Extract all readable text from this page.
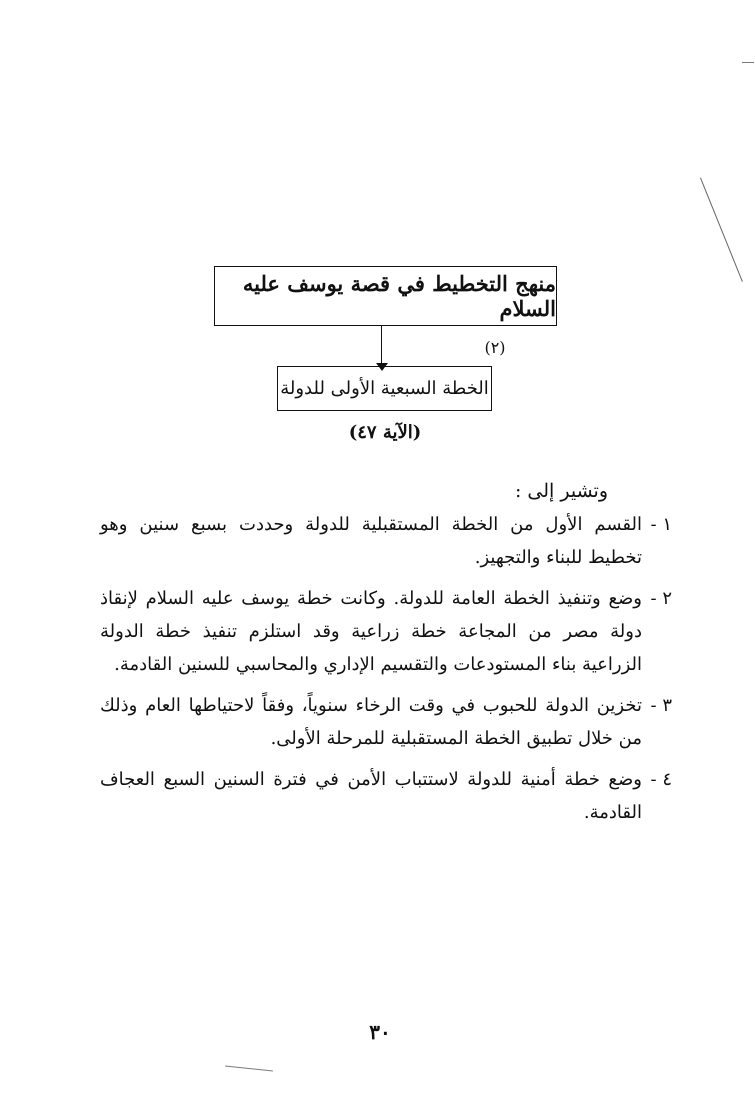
منهج التخطيط في قصة يوسف عليه السلام
(٢)
الخطة السبعية الأولى للدولة
(الآية ٤٧)
وتشير إلى :
١ -
القسم الأول من الخطة المستقبلية للدولة وحددت بسبع سنين وهو تخطيط للبناء والتجهيز.
٢ -
وضع وتنفيذ الخطة العامة للدولة. وكانت خطة يوسف عليه السلام لإنقاذ دولة مصر من المجاعة خطة زراعية وقد استلزم تنفيذ خطة الدولة الزراعية بناء المستودعات والتقسيم الإداري والمحاسبي للسنين القادمة.
٣ -
تخزين الدولة للحبوب في وقت الرخاء سنوياً، وفقاً لاحتياطها العام وذلك من خلال تطبيق الخطة المستقبلية للمرحلة الأولى.
٤ -
وضع خطة أمنية للدولة لاستتباب الأمن في فترة السنين السبع العجاف القادمة.
٣٠
